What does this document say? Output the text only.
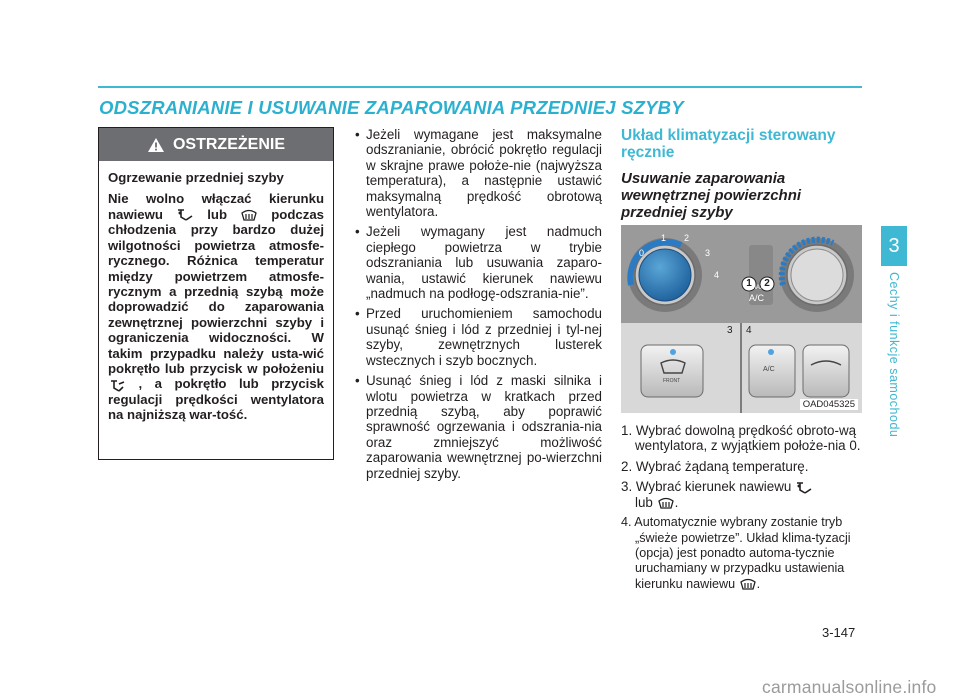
ODSZRANIANIE I USUWANIE ZAPAROWANIA PRZEDNIEJ SZYBY
OSTRZEŻENIE

Ogrzewanie przedniej szyby

Nie wolno włączać kierunku nawiewu	lub	podczas chłodzenia przy bardzo dużej wilgotności powietrza atmosfe-rycznego. Różnica temperatur między powietrzem atmosfe-rycznym a przednią szybą może doprowadzić do zaparowania zewnętrznej powierzchni szyby i ograniczenia widoczności. W takim przypadku należy usta-wić pokrętło lub przycisk w położeniu  , a pokrętło lub przycisk regulacji prędkości wentylatora na najniższą war-tość.

• Jeżeli wymagane jest maksymalne odszranianie, obrócić pokrętło regulacji w skrajne prawe położe-nie (najwyższa temperatura), a następnie ustawić maksymalną prędkość obrotową wentylatora.

• Jeżeli wymagany jest nadmuch ciepłego powietrza w trybie odszraniania lub usuwania zaparo-wania, ustawić kierunek nawiewu „nadmuch na podłogę-odszrania-nie”.

• Przed uruchomieniem samochodu usunąć śnieg i lód z przedniej i tyl-nej szyby, zewnętrznych lusterek wstecznych i szyb bocznych.

• Usunąć śnieg i lód z maski silnika i wlotu powietrza w kratkach przed przednią szybą, aby poprawić sprawność ogrzewania i odszrania-nia oraz zmniejszyć możliwość zaparowania wewnętrznej po-wierzchni przedniej szyby.

Układ klimatyzacji sterowany ręcznie

Usuwanie zaparowania wewnętrznej powierzchni przedniej szyby

0
1 2
3
4
MAX
A/C
1 2
3 4
FRONT
A/C
OAD045325

1. Wybrać dowolną prędkość obroto-wą wentylatora, z wyjątkiem położe-nia 0.

2. Wybrać żądaną temperaturę.

3. Wybrać kierunek nawiewu
lub .

4. Automatycznie wybrany zostanie tryb „świeże powietrze”. Układ klima-tyzacji (opcja) jest ponadto automa-tycznie uruchamiany w przypadku ustawienia kierunku nawiewu .

3
Cechy i funkcje samochodu
3-147
carmanualsonline.info
